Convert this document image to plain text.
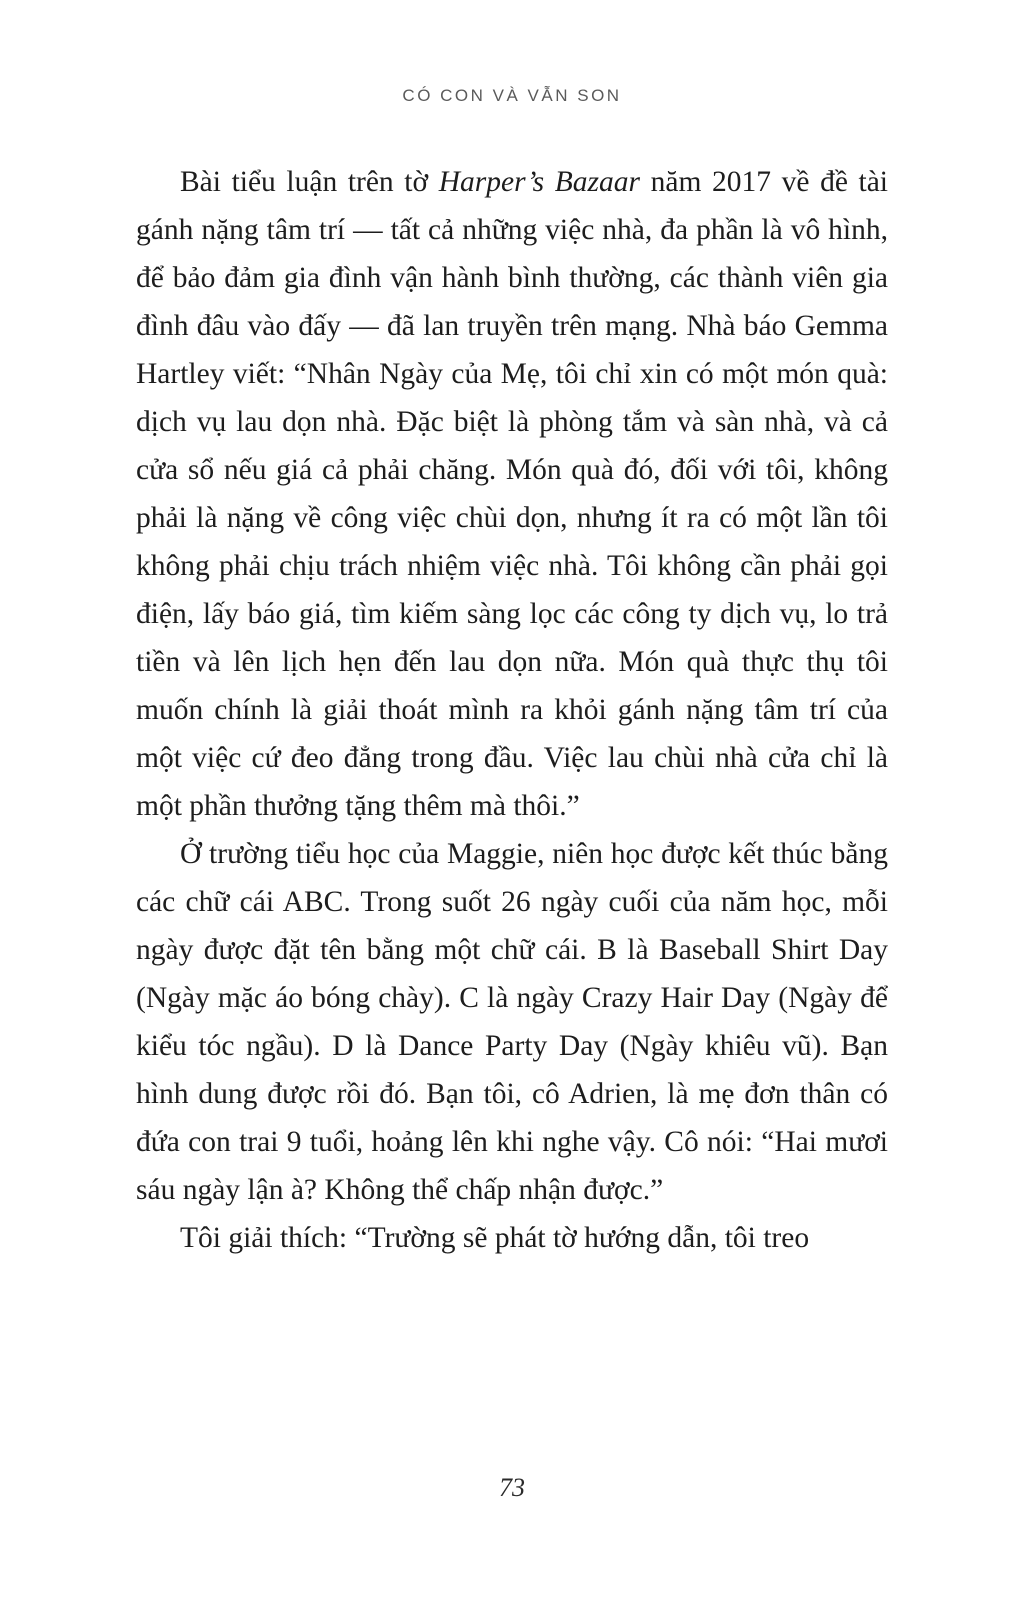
CÓ CON VÀ VẪN SON

Bài tiểu luận trên tờ Harper’s Bazaar năm 2017 về đề tài gánh nặng tâm trí — tất cả những việc nhà, đa phần là vô hình, để bảo đảm gia đình vận hành bình thường, các thành viên gia đình đâu vào đấy — đã lan truyền trên mạng. Nhà báo Gemma Hartley viết: “Nhân Ngày của Mẹ, tôi chỉ xin có một món quà: dịch vụ lau dọn nhà. Đặc biệt là phòng tắm và sàn nhà, và cả cửa sổ nếu giá cả phải chăng. Món quà đó, đối với tôi, không phải là nặng về công việc chùi dọn, nhưng ít ra có một lần tôi không phải chịu trách nhiệm việc nhà. Tôi không cần phải gọi điện, lấy báo giá, tìm kiếm sàng lọc các công ty dịch vụ, lo trả tiền và lên lịch hẹn đến lau dọn nữa. Món quà thực thụ tôi muốn chính là giải thoát mình ra khỏi gánh nặng tâm trí của một việc cứ đeo đẳng trong đầu. Việc lau chùi nhà cửa chỉ là một phần thưởng tặng thêm mà thôi.”

Ở trường tiểu học của Maggie, niên học được kết thúc bằng các chữ cái ABC. Trong suốt 26 ngày cuối của năm học, mỗi ngày được đặt tên bằng một chữ cái. B là Baseball Shirt Day (Ngày mặc áo bóng chày). C là ngày Crazy Hair Day (Ngày để kiểu tóc ngầu). D là Dance Party Day (Ngày khiêu vũ). Bạn hình dung được rồi đó. Bạn tôi, cô Adrien, là mẹ đơn thân có đứa con trai 9 tuổi, hoảng lên khi nghe vậy. Cô nói: “Hai mươi sáu ngày lận à? Không thể chấp nhận được.”

Tôi giải thích: “Trường sẽ phát tờ hướng dẫn, tôi treo

73
